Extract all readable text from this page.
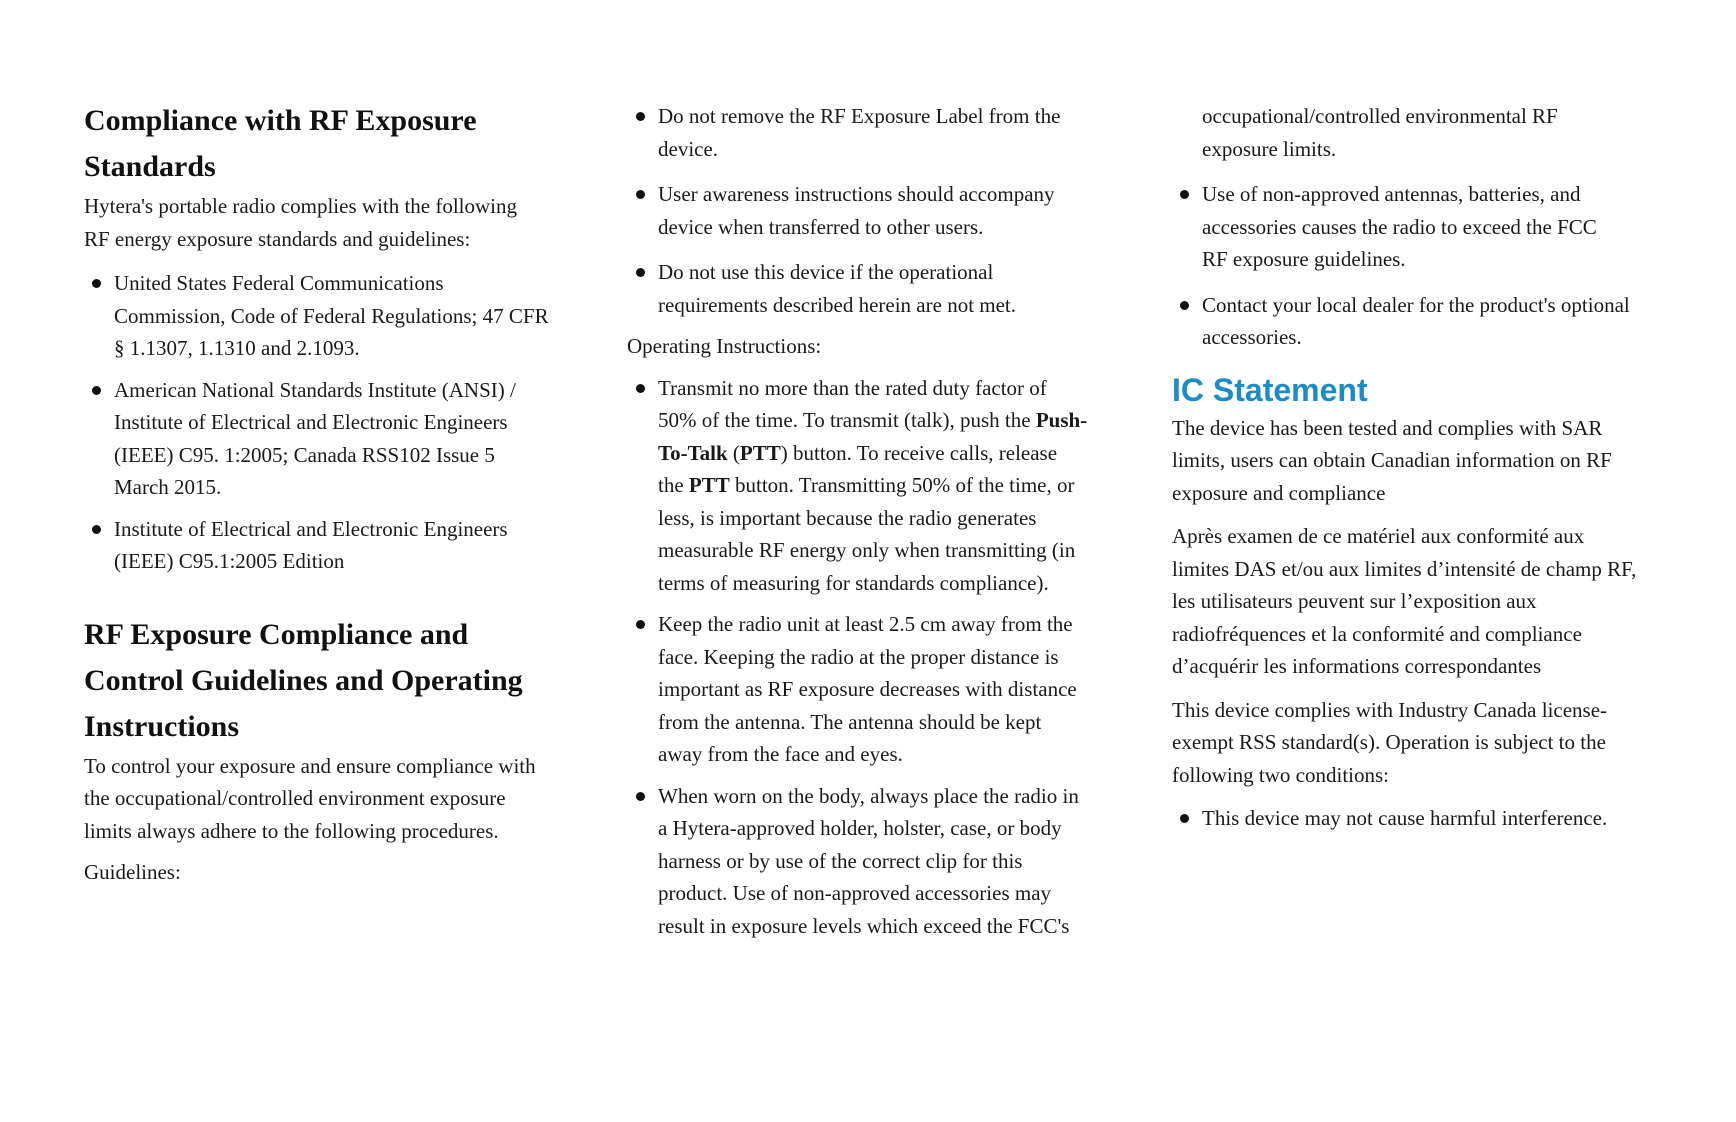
Compliance with RF Exposure
Standards

Hytera's portable radio complies with the following
RF energy exposure standards and guidelines:

United States Federal Communications
Commission, Code of Federal Regulations; 47 CFR
§ 1.1307, 1.1310 and 2.1093.
American National Standards Institute (ANSI) /
Institute of Electrical and Electronic Engineers
(IEEE) C95. 1:2005; Canada RSS102 Issue 5
March 2015.
Institute of Electrical and Electronic Engineers
(IEEE) C95.1:2005 Edition
RF Exposure Compliance and
Control Guidelines and Operating
Instructions

To control your exposure and ensure compliance with
the occupational/controlled environment exposure
limits always adhere to the following procedures.

Guidelines:

Do not remove the RF Exposure Label from the
device.
User awareness instructions should accompany
device when transferred to other users.
Do not use this device if the operational
requirements described herein are not met.

Operating Instructions:

Transmit no more than the rated duty factor of
50% of the time. To transmit (talk), push the Push-
To-Talk (PTT) button. To receive calls, release
the PTT button. Transmitting 50% of the time, or
less, is important because the radio generates
measurable RF energy only when transmitting (in
terms of measuring for standards compliance).
Keep the radio unit at least 2.5 cm away from the
face. Keeping the radio at the proper distance is
important as RF exposure decreases with distance
from the antenna. The antenna should be kept
away from the face and eyes.
When worn on the body, always place the radio in
a Hytera-approved holder, holster, case, or body
harness or by use of the correct clip for this
product. Use of non-approved accessories may
result in exposure levels which exceed the FCC's
occupational/controlled environmental RF
exposure limits.
Use of non-approved antennas, batteries, and
accessories causes the radio to exceed the FCC
RF exposure guidelines.
Contact your local dealer for the product's optional
accessories.
IC Statement

The device has been tested and complies with SAR
limits, users can obtain Canadian information on RF
exposure and compliance

Après examen de ce matériel aux conformité aux
limites DAS et/ou aux limites d’intensité de champ RF,
les utilisateurs peuvent sur l’exposition aux
radiofréquences et la conformité and compliance
d’acquérir les informations correspondantes

This device complies with Industry Canada license-
exempt RSS standard(s). Operation is subject to the
following two conditions:

This device may not cause harmful interference.
